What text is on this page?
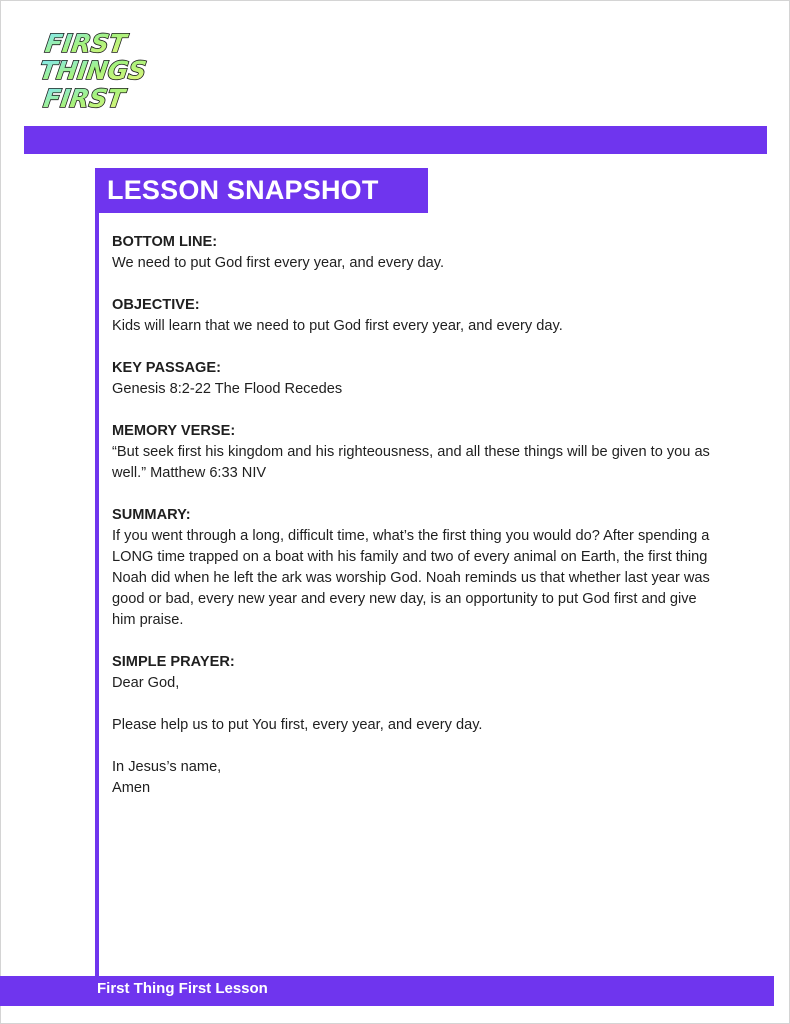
FIRST
THINGS
FIRST
LESSON SNAPSHOT

BOTTOM LINE:

We need to put God first every year, and every day.

OBJECTIVE:

Kids will learn that we need to put God first every year, and every day.

KEY PASSAGE:

Genesis 8:2-22 The Flood Recedes

MEMORY VERSE:

“But seek first his kingdom and his righteousness, and all these things will be given to you as well.” Matthew 6:33 NIV

SUMMARY:

If you went through a long, difficult time, what’s the first thing you would do? After spending a LONG time trapped on a boat with his family and two of every animal on Earth, the first thing Noah did when he left the ark was worship God. Noah reminds us that whether last year was good or bad, every new year and every new day, is an opportunity to put God first and give him praise.

SIMPLE PRAYER:

Dear God,

Please help us to put You first, every year, and every day.

In Jesus’s name,

Amen

First Thing First Lesson
